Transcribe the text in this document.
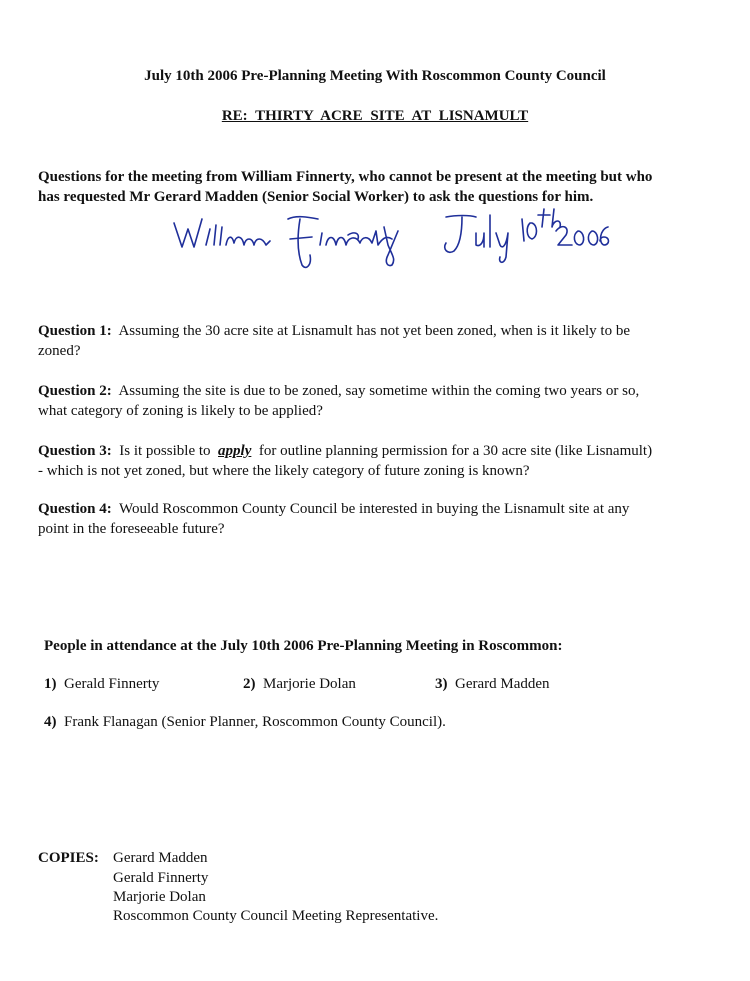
July 10th 2006 Pre-Planning Meeting With Roscommon County Council
RE: THIRTY ACRE SITE AT LISNAMULT
Questions for the meeting from William Finnerty, who cannot be present at the meeting but who
has requested Mr Gerard Madden (Senior Social Worker) to ask the questions for him.
Question 1: Assuming the 30 acre site at Lisnamult has not yet been zoned, when is it likely to be
zoned?
Question 2: Assuming the site is due to be zoned, say sometime within the coming two years or so,
what category of zoning is likely to be applied?
Question 3: Is it possible to apply for outline planning permission for a 30 acre site (like Lisnamult)
- which is not yet zoned, but where the likely category of future zoning is known?
Question 4: Would Roscommon County Council be interested in buying the Lisnamult site at any
point in the foreseeable future?
People in attendance at the July 10th 2006 Pre-Planning Meeting in Roscommon:
1) Gerald Finnerty	2) Marjorie Dolan	3) Gerard Madden
4) Frank Flanagan (Senior Planner, Roscommon County Council).
COPIES: Gerard Madden
Gerald Finnerty
Marjorie Dolan
Roscommon County Council Meeting Representative.
